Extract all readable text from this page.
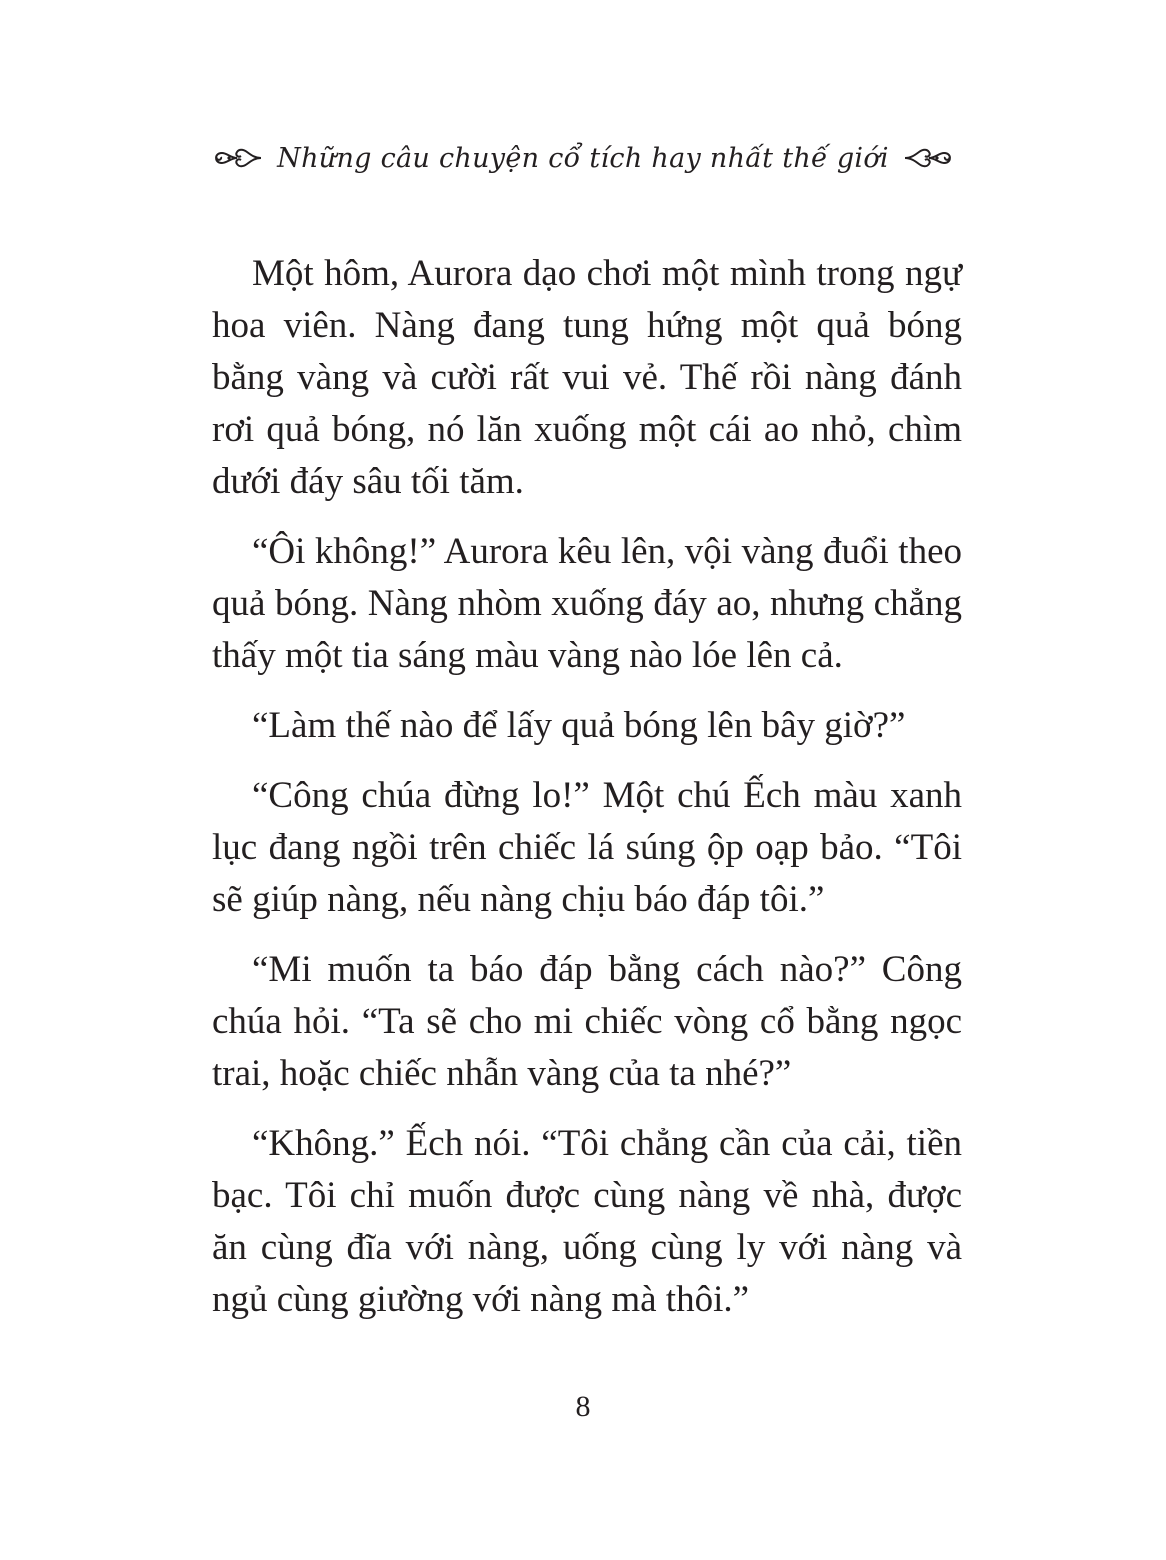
Những câu chuyện cổ tích hay nhất thế giới

Một hôm, Aurora dạo chơi một mình trong ngự hoa viên. Nàng đang tung hứng một quả bóng bằng vàng và cười rất vui vẻ. Thế rồi nàng đánh rơi quả bóng, nó lăn xuống một cái ao nhỏ, chìm dưới đáy sâu tối tăm.

“Ôi không!” Aurora kêu lên, vội vàng đuổi theo quả bóng. Nàng nhòm xuống đáy ao, nhưng chẳng thấy một tia sáng màu vàng nào lóe lên cả.

“Làm thế nào để lấy quả bóng lên bây giờ?”

“Công chúa đừng lo!” Một chú Ếch màu xanh lục đang ngồi trên chiếc lá súng ộp oạp bảo. “Tôi sẽ giúp nàng, nếu nàng chịu báo đáp tôi.”

“Mi muốn ta báo đáp bằng cách nào?” Công chúa hỏi. “Ta sẽ cho mi chiếc vòng cổ bằng ngọc trai, hoặc chiếc nhẫn vàng của ta nhé?”

“Không.” Ếch nói. “Tôi chẳng cần của cải, tiền bạc. Tôi chỉ muốn được cùng nàng về nhà, được ăn cùng đĩa với nàng, uống cùng ly với nàng và ngủ cùng giường với nàng mà thôi.”

8
